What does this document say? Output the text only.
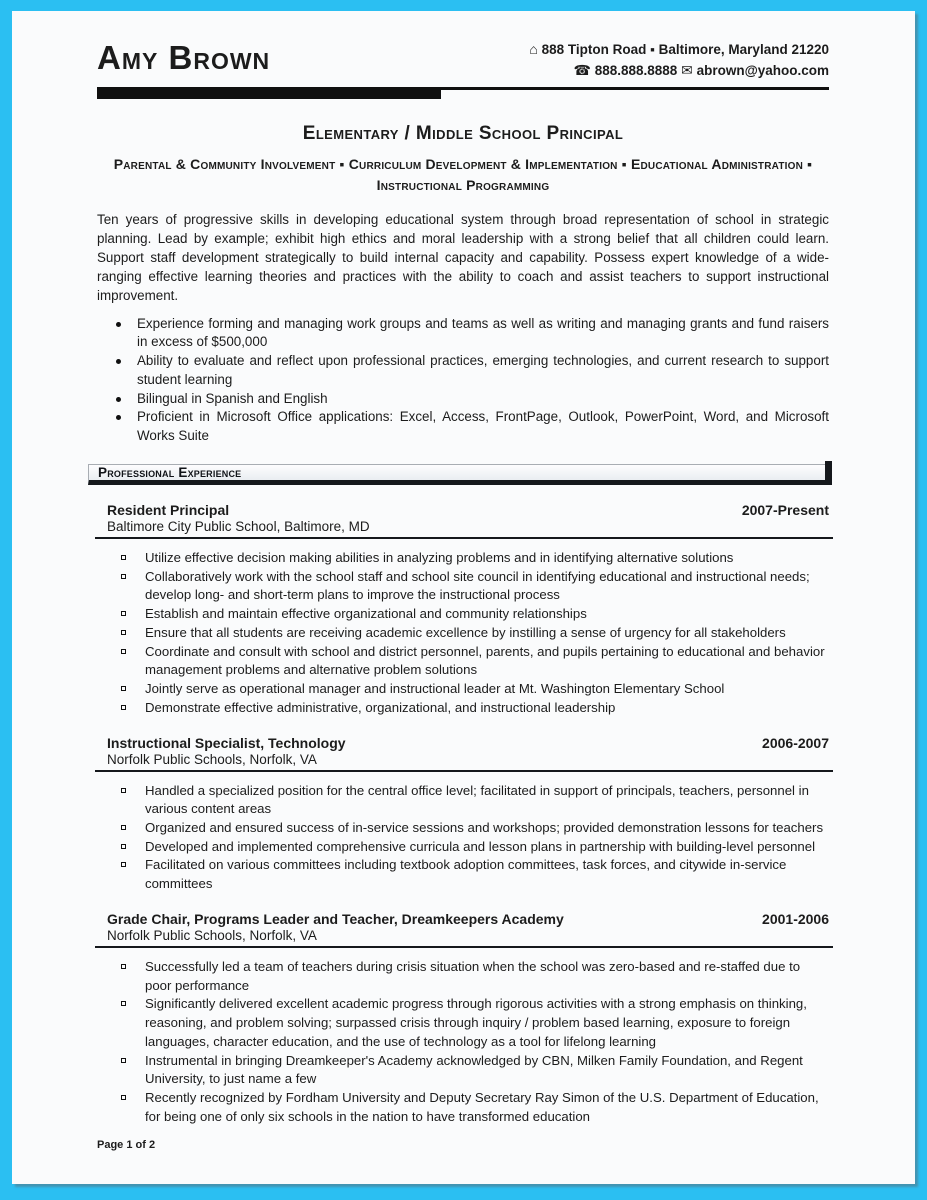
Amy Brown	⌂ 888 Tipton Road ▪ Baltimore, Maryland 21220
☎ 888.888.8888 ✉ abrown@yahoo.com
Elementary / Middle School Principal
Parental & Community Involvement ▪ Curriculum Development & Implementation ▪ Educational Administration ▪ Instructional Programming

Ten years of progressive skills in developing educational system through broad representation of school in strategic planning. Lead by example; exhibit high ethics and moral leadership with a strong belief that all children could learn. Support staff development strategically to build internal capacity and capability. Possess expert knowledge of a wide-ranging effective learning theories and practices with the ability to coach and assist teachers to support instructional improvement.

Experience forming and managing work groups and teams as well as writing and managing grants and fund raisers in excess of $500,000
Ability to evaluate and reflect upon professional practices, emerging technologies, and current research to support student learning
Bilingual in Spanish and English
Proficient in Microsoft Office applications: Excel, Access, FrontPage, Outlook, PowerPoint, Word, and Microsoft Works Suite
Professional Experience
Resident Principal	2007-Present
Baltimore City Public School, Baltimore, MD
Utilize effective decision making abilities in analyzing problems and in identifying alternative solutions
Collaboratively work with the school staff and school site council in identifying educational and instructional needs; develop long- and short-term plans to improve the instructional process
Establish and maintain effective organizational and community relationships
Ensure that all students are receiving academic excellence by instilling a sense of urgency for all stakeholders
Coordinate and consult with school and district personnel, parents, and pupils pertaining to educational and behavior management problems and alternative problem solutions
Jointly serve as operational manager and instructional leader at Mt. Washington Elementary School
Demonstrate effective administrative, organizational, and instructional leadership
Instructional Specialist, Technology	2006-2007
Norfolk Public Schools, Norfolk, VA
Handled a specialized position for the central office level; facilitated in support of principals, teachers, personnel in various content areas
Organized and ensured success of in-service sessions and workshops; provided demonstration lessons for teachers
Developed and implemented comprehensive curricula and lesson plans in partnership with building-level personnel
Facilitated on various committees including textbook adoption committees, task forces, and citywide in-service committees
Grade Chair, Programs Leader and Teacher, Dreamkeepers Academy	2001-2006
Norfolk Public Schools, Norfolk, VA
Successfully led a team of teachers during crisis situation when the school was zero-based and re-staffed due to poor performance
Significantly delivered excellent academic progress through rigorous activities with a strong emphasis on thinking, reasoning, and problem solving; surpassed crisis through inquiry / problem based learning, exposure to foreign languages, character education, and the use of technology as a tool for lifelong learning
Instrumental in bringing Dreamkeeper's Academy acknowledged by CBN, Milken Family Foundation, and Regent University, to just name a few
Recently recognized by Fordham University and Deputy Secretary Ray Simon of the U.S. Department of Education, for being one of only six schools in the nation to have transformed education
Page 1 of 2
